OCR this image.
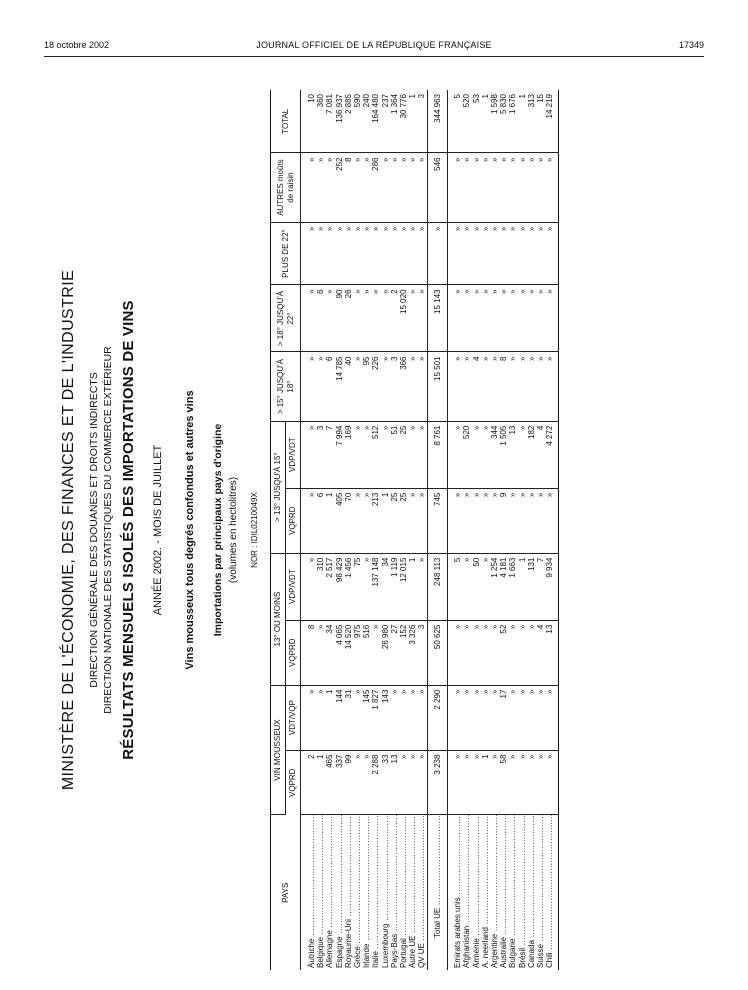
18 octobre 2002	JOURNAL OFFICIEL DE LA RÉPUBLIQUE FRANÇAISE	17349
MINISTÈRE DE L'ÉCONOMIE, DES FINANCES ET DE L'INDUSTRIE DIRECTION GÉNÉRALE DES DOUANES ET DROITS INDIRECTS DIRECTION NATIONALE DES STATISTIQUES DU COMMERCE EXTÉRIEUR RÉSULTATS MENSUELS ISOLÉS DES IMPORTATIONS DE VINS ANNÉE 2002. - MOIS DE JUILLET Vins mousseux tous degrés confondus et autres vins Importations par principaux pays d'origine (volumes en hectolitres) NOR : IDIL0210049X
PAYS	VIN MOUSSEUX		13° OU MOINS		> 13° JUSQU'À 15°		> 15° JUSQU'À 18°	> 18° JUSQU'À 22°	PLUS DE 22°	AUTRES moûts de raisin	TOTAL
	VQPRD	VDT/VQP	VQPRD	VDP/VDT	VQPRD	VDP/VDT					
Autriche .....	2	»	8	»	»	»	»	»	»	»	10
Belgique .....	1	»	»	310	6	3	»	6	»	»	360
Allemagne .....	465	1	34	2 517	1	7	6	»	»	»	7 081
Espagne .....	337	144	4 065	98 429	405	7 994	14 785	90	»	252	136 937
Royaume-Uni .....	99	31	14 520	1 456	70	169	40	26	»	8	2 885
Grèce .....	»	»	975	75	»	»	»	»	»	»	590
Irlande .....	»	145	516	»	»	»	95	»	»	»	240
Italie .....	2 288	1 827	»	137 148	213	512	226	»	»	286	164 480
Luxembourg .....	33	143	26 980	34	1	»	»	»	»	»	237
Pays-Bas .....	13	»	27	1 119	25	51	3	2	»	»	1 364
Portugal .....	»	»	152	12 015	25	25	366	15 020	»	»	30 776
Autre UE .....	»	»	3 326	1	»	»	»	»	»	»	1
QV UE .....	»	»	3	»	»	»	»	»	»	»	3
Total UE .....	3 238	2 290	50 625	248 113	745	8 761	15 501	15 143	»	546	344 963

Emirats arabes unis .....	»	»	»	5	»	»	»	»	»	»	5
Afghanistan .....	»	»	»	»	»	520	»	»	»	»	520
Arménie .....	»	»	»	50	»	»	4	»	»	»	53
A. neerland .....	1	»	»	»	»	»	»	»	»	»	1
Argentine .....	»	»	»	1 254	»	344	»	»	»	»	1 598
Australie .....	58	17	52	4 181	9	1 505	8	»	»	»	5 830
Bulgarie .....	»	»	»	1 663	»	13	»	»	»	»	1 676
Brésil .....	»	»	»	1	»	»	»	»	»	»	1
Canada .....	»	»	»	131	»	182	»	»	»	»	313
Suisse .....	»	»	4	7	»	4	»	»	»	»	15
Chili .....	»	»	13	9 934	»	4 272	»	»	»	»	14 219
